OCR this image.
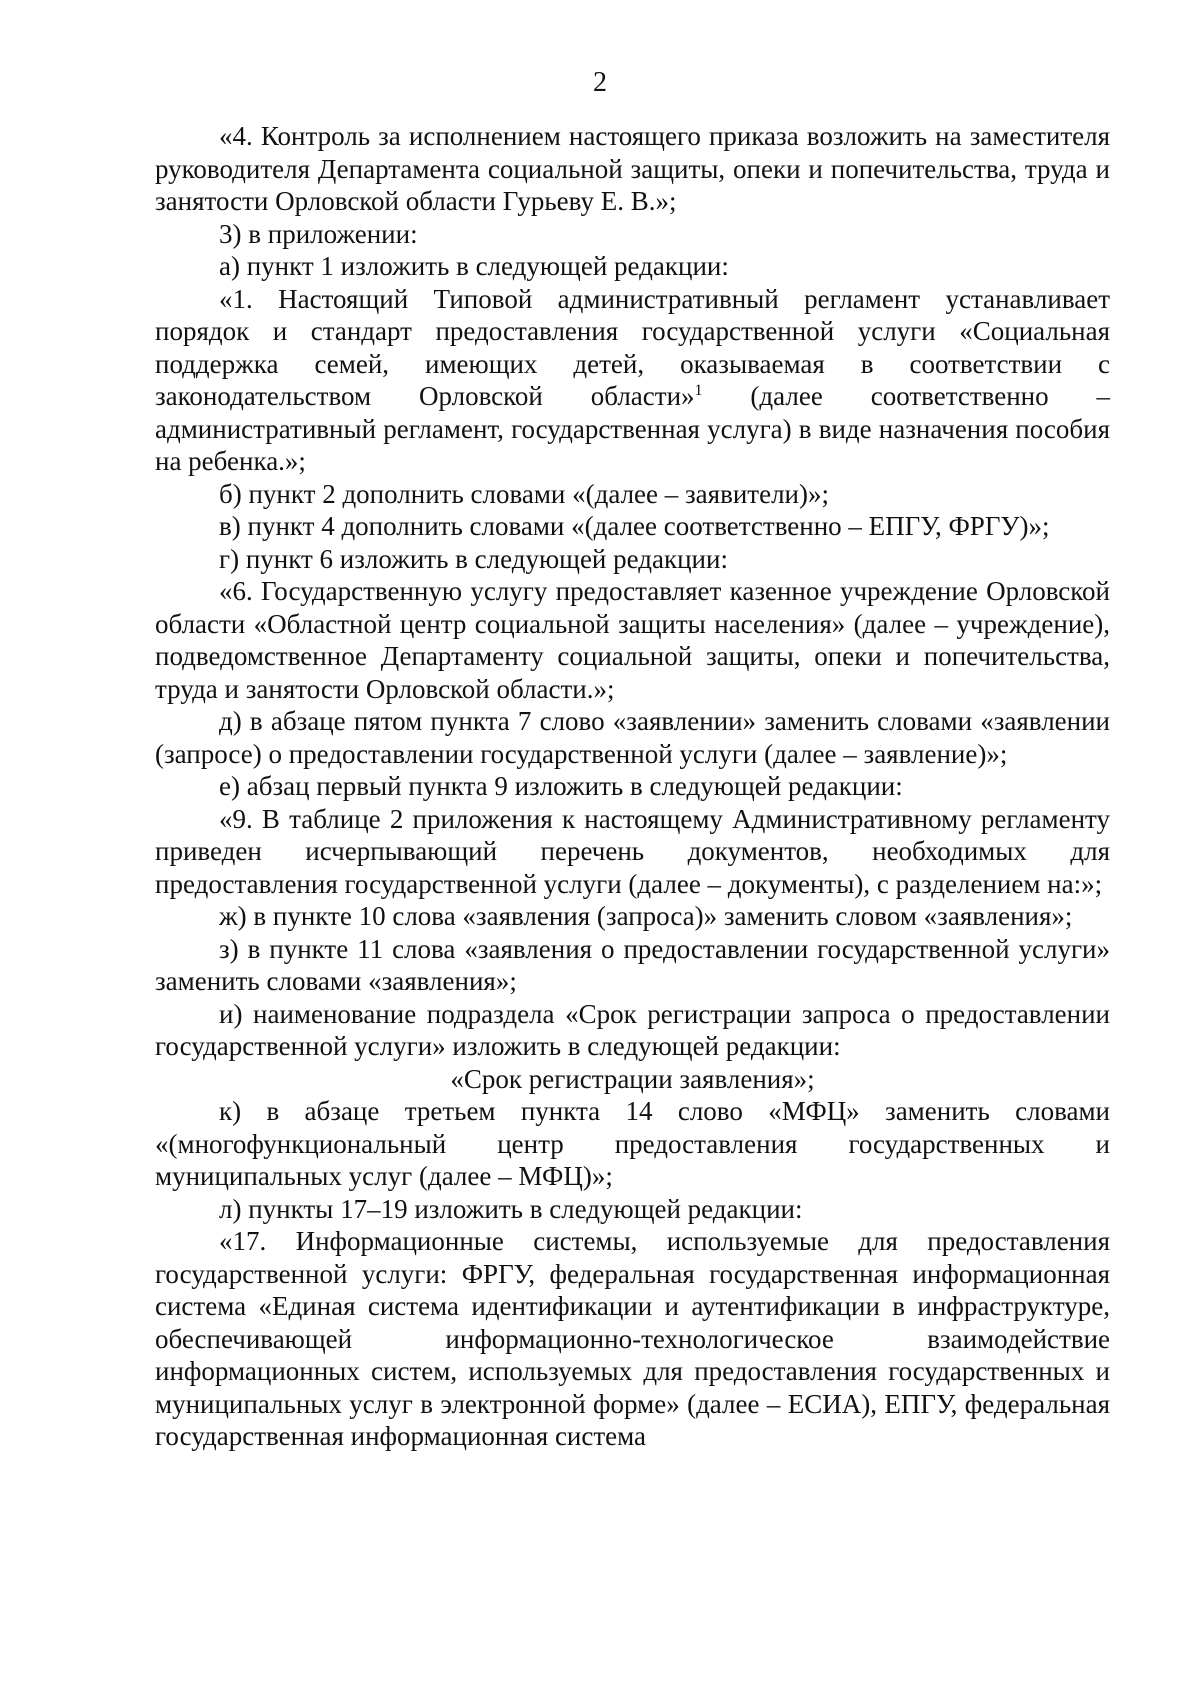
2

«4. Контроль за исполнением настоящего приказа возложить на заместителя руководителя Департамента социальной защиты, опеки и попечительства, труда и занятости Орловской области Гурьеву Е. В.»;

3) в приложении:

а) пункт 1 изложить в следующей редакции:

«1. Настоящий Типовой административный регламент устанавливает порядок и стандарт предоставления государственной услуги «Социальная поддержка семей, имеющих детей, оказываемая в соответствии с законодательством Орловской области»$^1$ (далее соответственно – административный регламент, государственная услуга) в виде назначения пособия на ребенка.»;

б) пункт 2 дополнить словами «(далее – заявители)»;

в) пункт 4 дополнить словами «(далее соответственно – ЕПГУ, ФРГУ)»;

г) пункт 6 изложить в следующей редакции:

«6. Государственную услугу предоставляет казенное учреждение Орловской области «Областной центр социальной защиты населения» (далее – учреждение), подведомственное Департаменту социальной защиты, опеки и попечительства, труда и занятости Орловской области.»;

д) в абзаце пятом пункта 7 слово «заявлении» заменить словами «заявлении (запросе) о предоставлении государственной услуги (далее – заявление)»;

е) абзац первый пункта 9 изложить в следующей редакции:

«9. В таблице 2 приложения к настоящему Административному регламенту приведен исчерпывающий перечень документов, необходимых для предоставления государственной услуги (далее – документы), с разделением на:»;

ж) в пункте 10 слова «заявления (запроса)» заменить словом «заявления»;

з) в пункте 11 слова «заявления о предоставлении государственной услуги» заменить словами «заявления»;

и) наименование подраздела «Срок регистрации запроса о предоставлении государственной услуги» изложить в следующей редакции:

«Срок регистрации заявления»;

к) в абзаце третьем пункта 14 слово «МФЦ» заменить словами «(многофункциональный центр предоставления государственных и муниципальных услуг (далее – МФЦ)»;

л) пункты 17–19 изложить в следующей редакции:

«17. Информационные системы, используемые для предоставления государственной услуги: ФРГУ, федеральная государственная информационная система «Единая система идентификации и аутентификации в инфраструктуре, обеспечивающей информационно-технологическое взаимодействие информационных систем, используемых для предоставления государственных и муниципальных услуг в электронной форме» (далее – ЕСИА), ЕПГУ, федеральная государственная информационная система
